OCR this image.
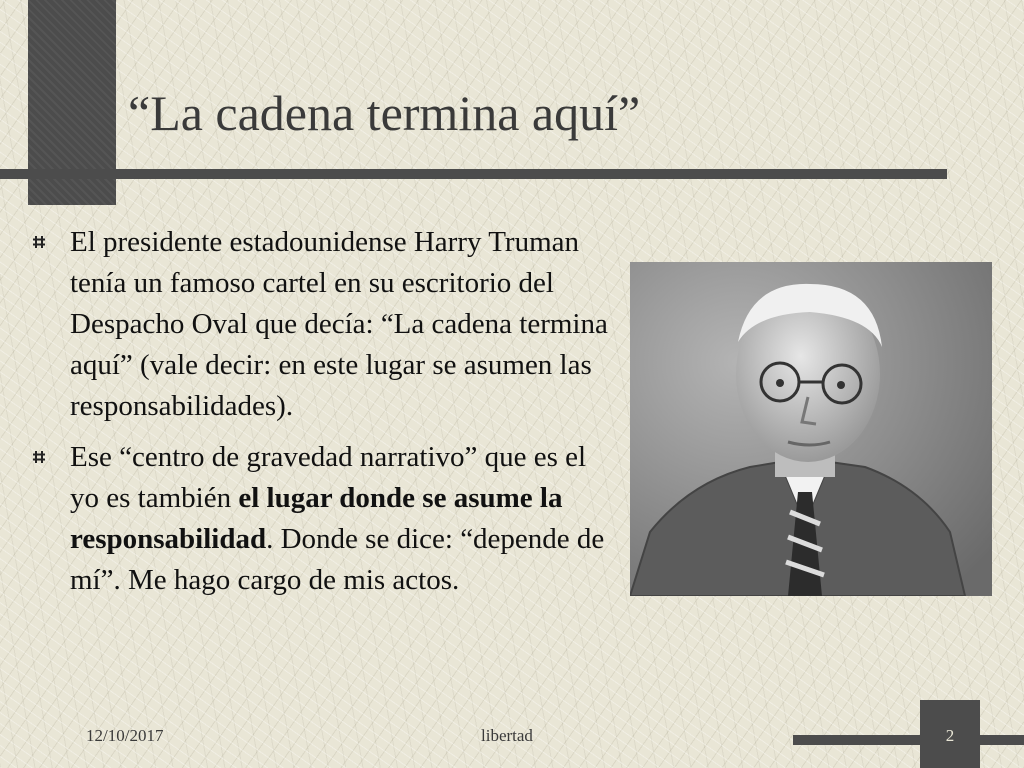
“La cadena termina aquí”
El presidente estadounidense Harry Truman tenía un famoso cartel en su escritorio del Despacho Oval que decía: “La cadena termina aquí” (vale decir: en este lugar se asumen las responsabilidades).
Ese “centro de gravedad narrativo” que es el yo es también el lugar donde se asume la responsabilidad. Donde se dice: “depende de mí”. Me hago cargo de mis actos.
12/10/2017	libertad	2
